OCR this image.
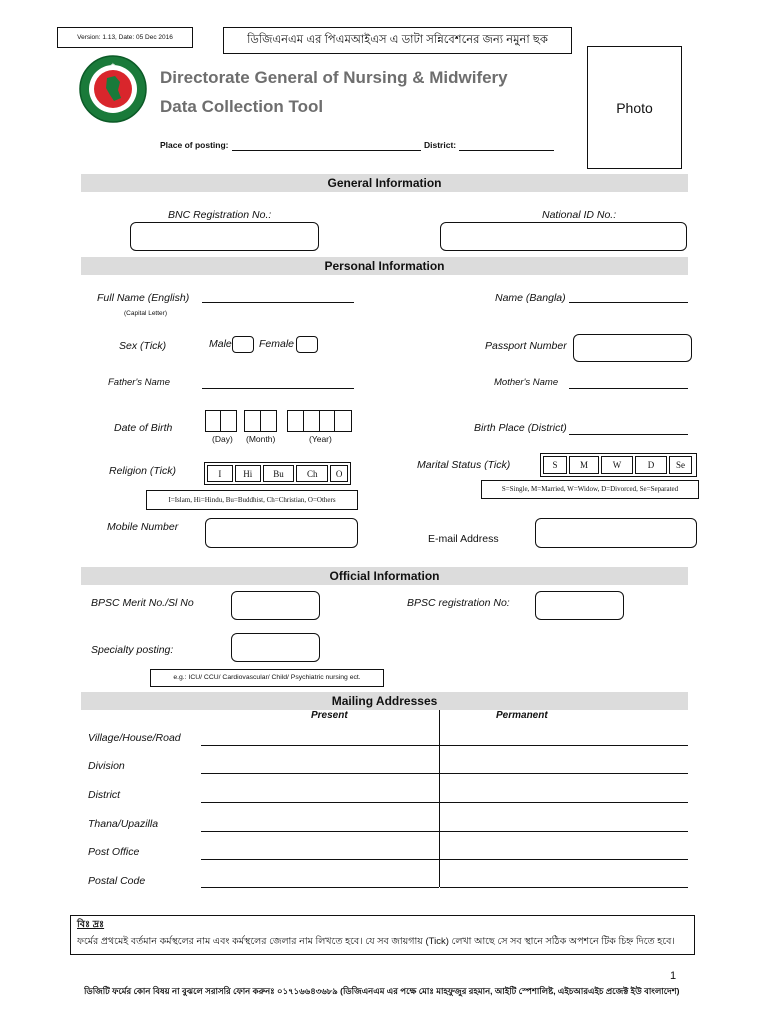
Version: 1.13, Date: 05 Dec 2016	ডিজিএনএম এর পিএমআইএস এ ডাটা সন্নিবেশনের জন্য নমুনা ছক
★
Directorate General of Nursing & Midwifery
Data Collection Tool
Place of posting:	District:
Photo
General Information
BNC Registration No.:	National ID No.:
Personal Information
Full Name (English)
(Capital Letter)
Name (Bangla)
Sex (Tick)	Male	Female	Passport Number
Father's Name	Mother's Name
Date of Birth
(Day) (Month)	(Year)
Birth Place (District)
Religion (Tick)	I	Hi	Bu	Ch	O
I=Islam, Hi=Hindu, Bu=Buddhist, Ch=Christian, O=Others
Marital Status (Tick)	S	M	W	D	Se
S=Single, M=Married, W=Widow, D=Divorced, Se=Separated
Mobile Number
E-mail Address
Official Information
BPSC Merit No./Sl No	BPSC registration No:
Specialty posting:
e.g.: ICU/ CCU/ Cardiovascular/ Child/ Psychiatric nursing ect.
Mailing Addresses
Present	Permanent
Village/House/Road
Division
District
Thana/Upazilla
Post Office
Postal Code
বিঃ দ্রঃ
ফর্মের প্রথমেই বর্তমান কর্মস্থলের নাম এবং কর্মস্থলের জেলার নাম লিখতে হবে। যে সব জায়গায় (Tick) লেখা আছে সে সব স্থানে সঠিক অপশনে টিক চিহ্ন দিতে হবে।
1
ডিজিটি ফর্মের কোন বিষয় না বুঝলে সরাসরি ফোন করুনঃ ০১৭১৬৬৪৩৬৮৯ (ডিজিএনএম এর পক্ষে মোঃ মাহফুজুর রহমান, আইটি স্পেশালিষ্ট, এইচআরএইচ প্রজেক্ট ইউ বাংলাদেশ)
